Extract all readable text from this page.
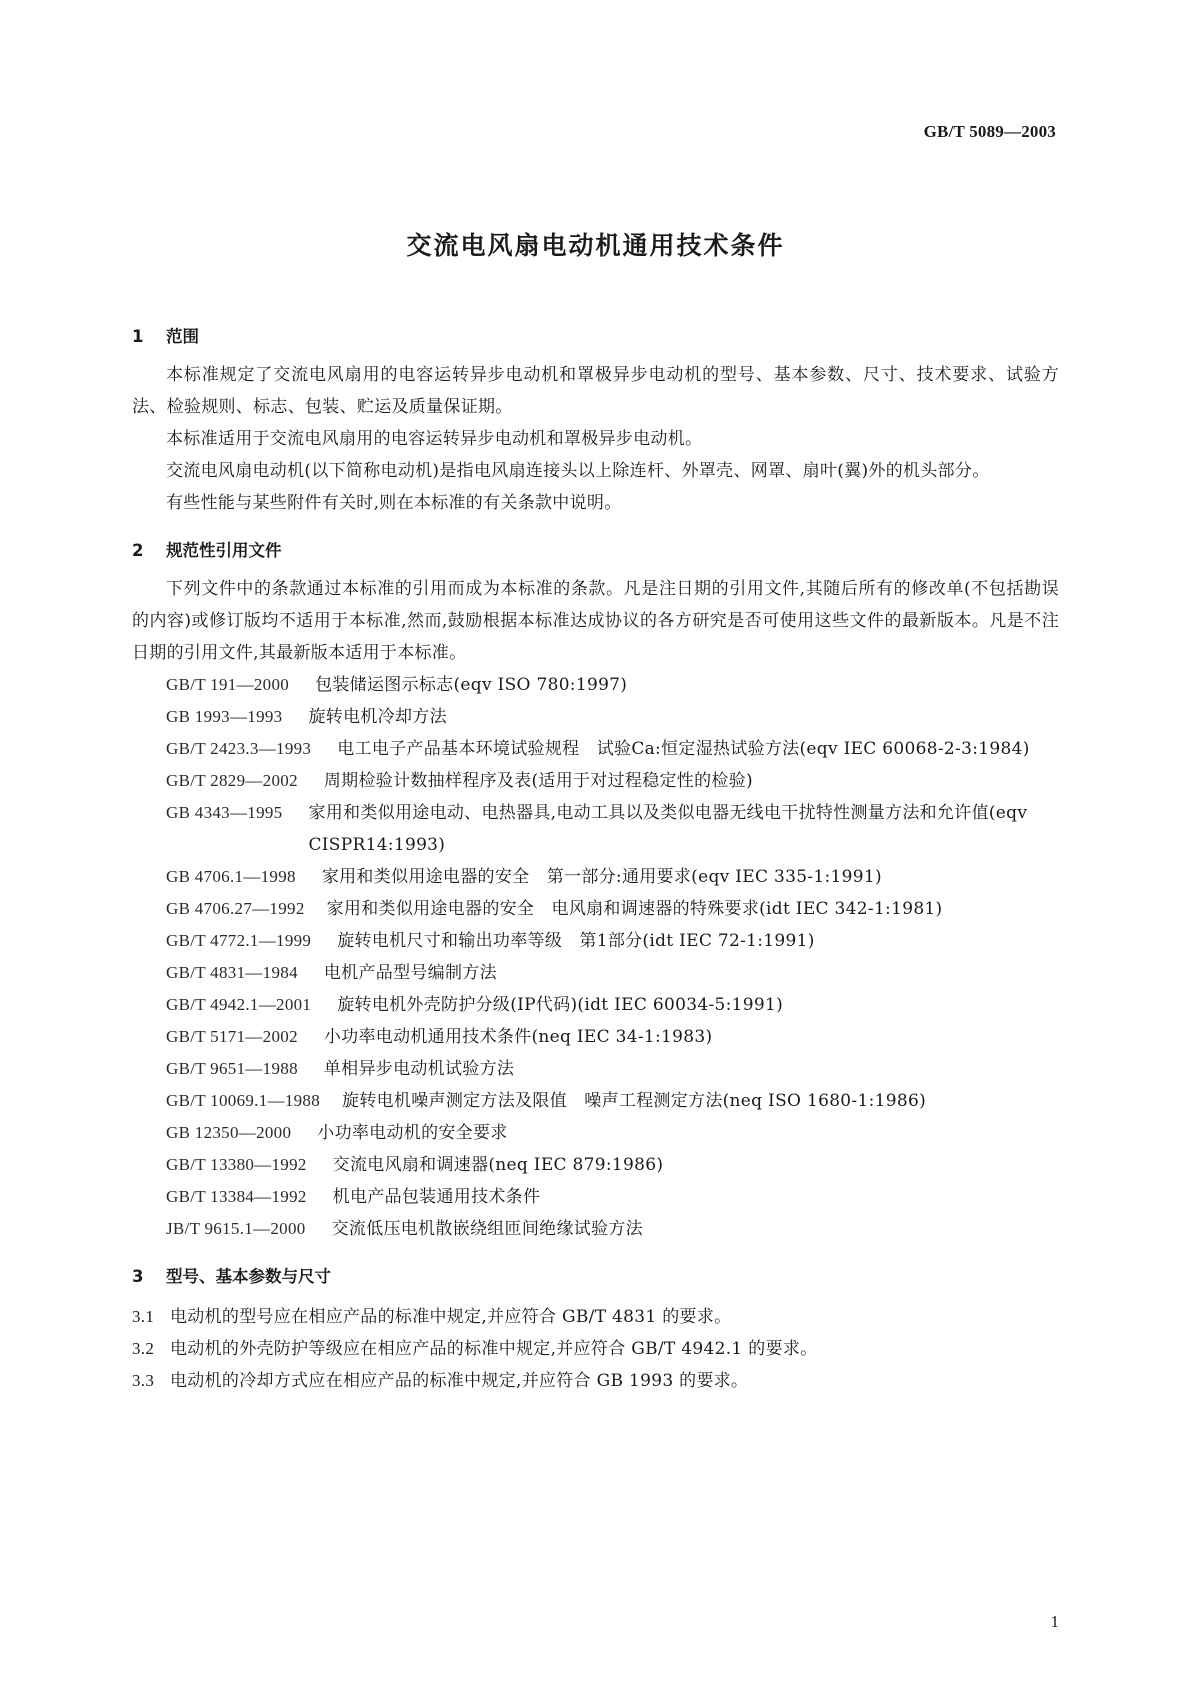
GB/T 5089—2003
交流电风扇电动机通用技术条件
1	范围

本标准规定了交流电风扇用的电容运转异步电动机和罩极异步电动机的型号、基本参数、尺寸、技术要求、试验方法、检验规则、标志、包装、贮运及质量保证期。

本标准适用于交流电风扇用的电容运转异步电动机和罩极异步电动机。

交流电风扇电动机(以下简称电动机)是指电风扇连接头以上除连杆、外罩壳、网罩、扇叶(翼)外的机头部分。

有些性能与某些附件有关时,则在本标准的有关条款中说明。

2	规范性引用文件

下列文件中的条款通过本标准的引用而成为本标准的条款。凡是注日期的引用文件,其随后所有的修改单(不包括勘误的内容)或修订版均不适用于本标准,然而,鼓励根据本标准达成协议的各方研究是否可使用这些文件的最新版本。凡是不注日期的引用文件,其最新版本适用于本标准。

GB/T 191—2000 包装储运图示标志(eqv ISO 780:1997)
GB 1993—1993 旋转电机冷却方法
GB/T 2423.3—1993 电工电子产品基本环境试验规程　试验Ca:恒定湿热试验方法(eqv IEC 60068-2-3:1984)
GB/T 2829—2002 周期检验计数抽样程序及表(适用于对过程稳定性的检验)
GB 4343—1995 家用和类似用途电动、电热器具,电动工具以及类似电器无线电干扰特性测量方法和允许值(eqv CISPR14:1993)
GB 4706.1—1998 家用和类似用途电器的安全　第一部分:通用要求(eqv IEC 335-1:1991)
GB 4706.27—1992 家用和类似用途电器的安全　电风扇和调速器的特殊要求(idt IEC 342-1:1981)
GB/T 4772.1—1999 旋转电机尺寸和输出功率等级　第1部分(idt IEC 72-1:1991)
GB/T 4831—1984 电机产品型号编制方法
GB/T 4942.1—2001 旋转电机外壳防护分级(IP代码)(idt IEC 60034-5:1991)
GB/T 5171—2002 小功率电动机通用技术条件(neq IEC 34-1:1983)
GB/T 9651—1988 单相异步电动机试验方法
GB/T 10069.1—1988 旋转电机噪声测定方法及限值　噪声工程测定方法(neq ISO 1680-1:1986)
GB 12350—2000 小功率电动机的安全要求
GB/T 13380—1992 交流电风扇和调速器(neq IEC 879:1986)
GB/T 13384—1992 机电产品包装通用技术条件
JB/T 9615.1—2000 交流低压电机散嵌绕组匝间绝缘试验方法
3	型号、基本参数与尺寸
3.1 电动机的型号应在相应产品的标准中规定,并应符合 GB/T 4831 的要求。
3.2 电动机的外壳防护等级应在相应产品的标准中规定,并应符合 GB/T 4942.1 的要求。
3.3 电动机的冷却方式应在相应产品的标准中规定,并应符合 GB 1993 的要求。
1
